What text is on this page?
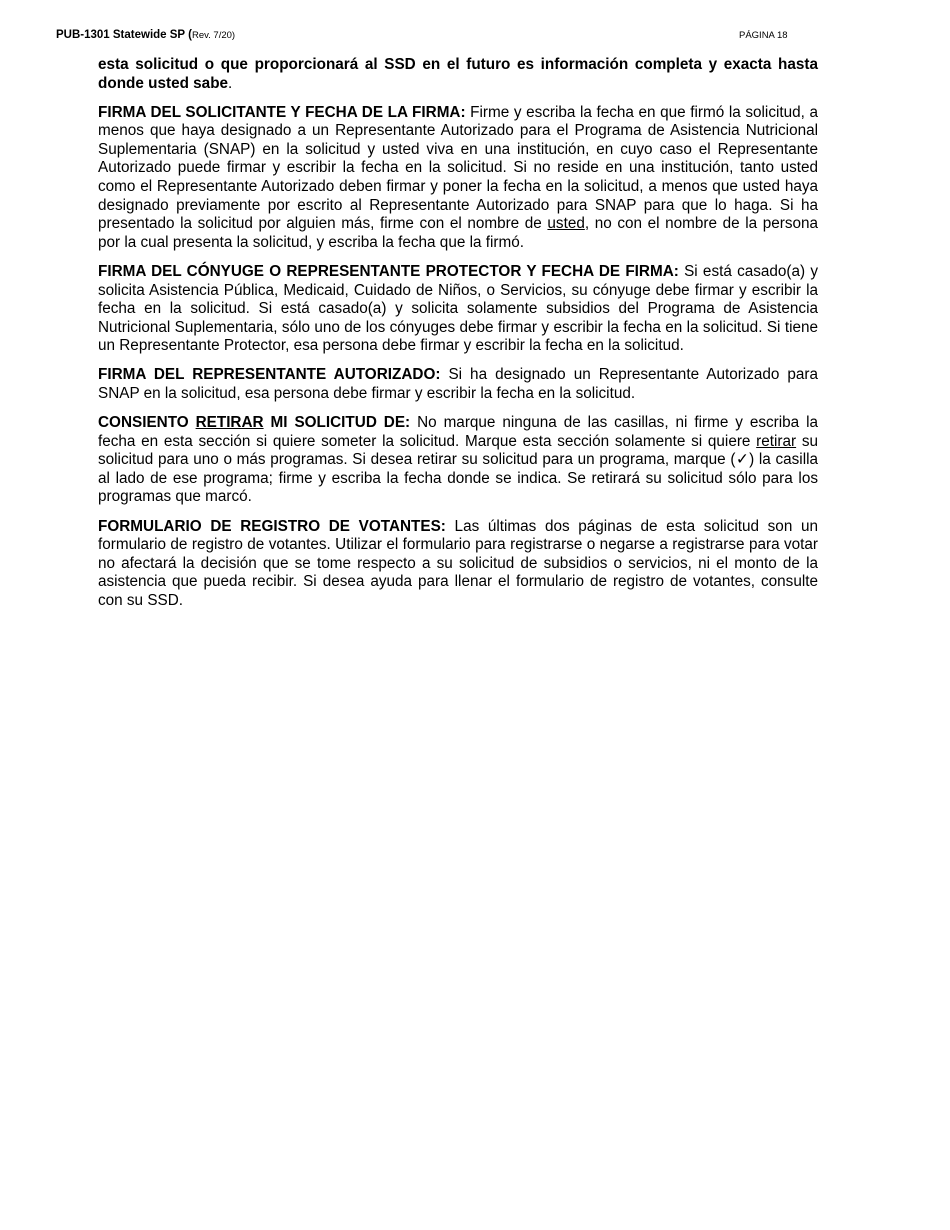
PUB-1301 Statewide SP (Rev. 7/20)	PÁGINA 18

esta solicitud o que proporcionará al SSD en el futuro es información completa y exacta hasta donde usted sabe.

FIRMA DEL SOLICITANTE Y FECHA DE LA FIRMA: Firme y escriba la fecha en que firmó la solicitud, a menos que haya designado a un Representante Autorizado para el Programa de Asistencia Nutricional Suplementaria (SNAP) en la solicitud y usted viva en una institución, en cuyo caso el Representante Autorizado puede firmar y escribir la fecha en la solicitud. Si no reside en una institución, tanto usted como el Representante Autorizado deben firmar y poner la fecha en la solicitud, a menos que usted haya designado previamente por escrito al Representante Autorizado para SNAP para que lo haga. Si ha presentado la solicitud por alguien más, firme con el nombre de usted, no con el nombre de la persona por la cual presenta la solicitud, y escriba la fecha que la firmó.

FIRMA DEL CÓNYUGE O REPRESENTANTE PROTECTOR Y FECHA DE FIRMA: Si está casado(a) y solicita Asistencia Pública, Medicaid, Cuidado de Niños, o Servicios, su cónyuge debe firmar y escribir la fecha en la solicitud. Si está casado(a) y solicita solamente subsidios del Programa de Asistencia Nutricional Suplementaria, sólo uno de los cónyuges debe firmar y escribir la fecha en la solicitud. Si tiene un Representante Protector, esa persona debe firmar y escribir la fecha en la solicitud.

FIRMA DEL REPRESENTANTE AUTORIZADO: Si ha designado un Representante Autorizado para SNAP en la solicitud, esa persona debe firmar y escribir la fecha en la solicitud.

CONSIENTO RETIRAR MI SOLICITUD DE: No marque ninguna de las casillas, ni firme y escriba la fecha en esta sección si quiere someter la solicitud. Marque esta sección solamente si quiere retirar su solicitud para uno o más programas. Si desea retirar su solicitud para un programa, marque (✓) la casilla al lado de ese programa; firme y escriba la fecha donde se indica. Se retirará su solicitud sólo para los programas que marcó.

FORMULARIO DE REGISTRO DE VOTANTES: Las últimas dos páginas de esta solicitud son un formulario de registro de votantes. Utilizar el formulario para registrarse o negarse a registrarse para votar no afectará la decisión que se tome respecto a su solicitud de subsidios o servicios, ni el monto de la asistencia que pueda recibir. Si desea ayuda para llenar el formulario de registro de votantes, consulte con su SSD.
